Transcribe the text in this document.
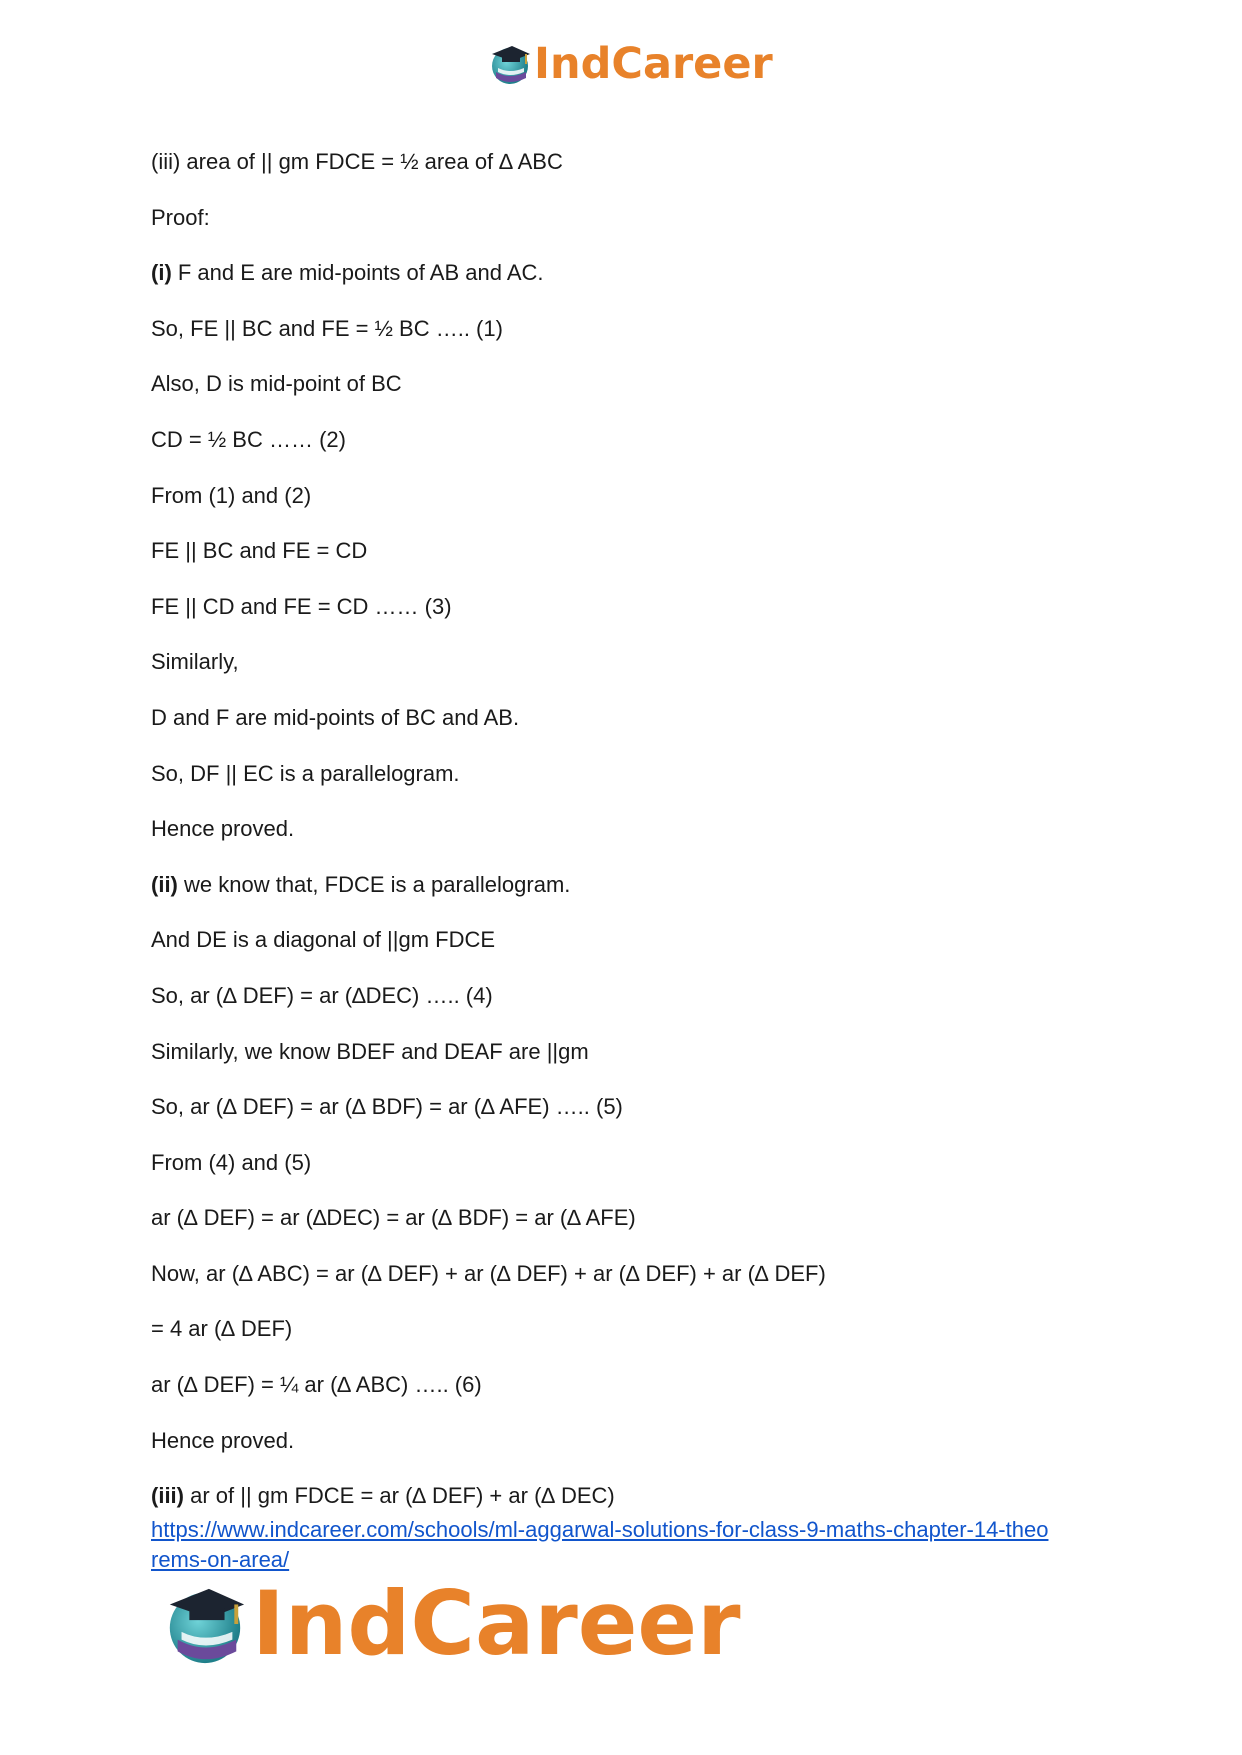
IndCareer
(iii) area of || gm FDCE = ½ area of ∆ ABC
Proof:
(i) F and E are mid-points of AB and AC.
So, FE || BC and FE = ½ BC ….. (1)
Also, D is mid-point of BC
CD = ½ BC …… (2)
From (1) and (2)
FE || BC and FE = CD
FE || CD and FE = CD …… (3)
Similarly,
D and F are mid-points of BC and AB.
So, DF || EC is a parallelogram.
Hence proved.
(ii) we know that, FDCE is a parallelogram.
And DE is a diagonal of ||gm FDCE
So, ar (∆ DEF) = ar (∆DEC) ….. (4)
Similarly, we know BDEF and DEAF are ||gm
So, ar (∆ DEF) = ar (∆ BDF) = ar (∆ AFE) ….. (5)
From (4) and (5)
ar (∆ DEF) = ar (∆DEC) = ar (∆ BDF) = ar (∆ AFE)
Now, ar (∆ ABC) = ar (∆ DEF) + ar (∆ DEF) + ar (∆ DEF) + ar (∆ DEF)
= 4 ar (∆ DEF)
ar (∆ DEF) = ¼ ar (∆ ABC) ….. (6)
Hence proved.
(iii) ar of || gm FDCE = ar (∆ DEF) + ar (∆ DEC)
https://www.indcareer.com/schools/ml-aggarwal-solutions-for-class-9-maths-chapter-14-theo
rems-on-area/
IndCareer
